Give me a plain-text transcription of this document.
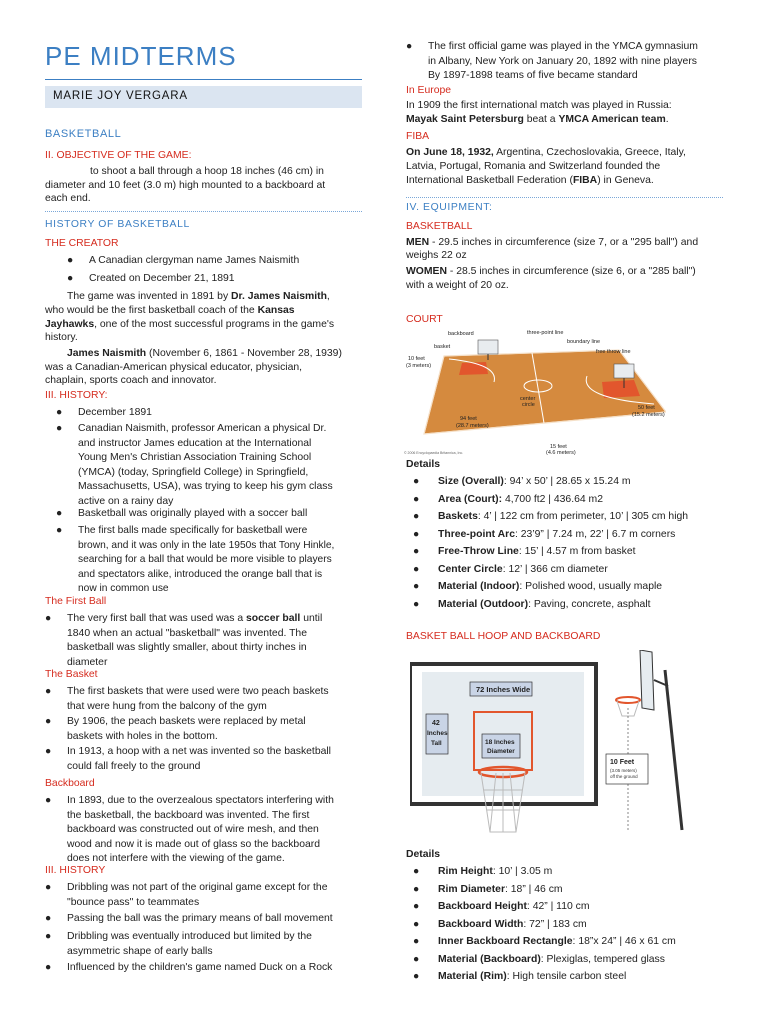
PE MIDTERMS
MARIE JOY VERGARA
BASKETBALL
II. OBJECTIVE OF THE GAME:
to shoot a ball through a hoop 18 inches (46 cm) in
diameter and 10 feet (3.0 m) high mounted to a backboard at
each end.
HISTORY OF BASKETBALL
THE CREATOR
●	A Canadian clergyman name James Naismith
●	Created on December 21, 1891
The game was invented in 1891 by Dr. James Naismith,
who would be the first basketball coach of the Kansas
Jayhawks, one of the most successful programs in the game's
history.
James Naismith (November 6, 1861 - November 28, 1939)
was a Canadian-American physical educator, physician,
chaplain, sports coach and innovator.
III. HISTORY:
●	December 1891
●	Canadian Naismith, professor American a physical Dr.
and instructor James education at the International
Young Men's Christian Association Training School
(YMCA) (today, Springfield College) in Springfield,
Massachusetts, USA), was trying to keep his gym class
active on a rainy day
●	Basketball was originally played with a soccer ball
●	The first balls made specifically for basketball were
brown, and it was only in the late 1950s that Tony Hinkle,
searching for a ball that would be more visible to players
and spectators alike, introduced the orange ball that is
now in common use
The First Ball
●	The very first ball that was used was a soccer ball until
1840 when an actual "basketball" was invented. The
basketball was slightly smaller, about thirty inches in
diameter
The Basket
●	The first baskets that were used were two peach baskets
that were hung from the balcony of the gym
●	By 1906, the peach baskets were replaced by metal
baskets with holes in the bottom.
●	In 1913, a hoop with a net was invented so the basketball
could fall freely to the ground
Backboard
●	In 1893, due to the overzealous spectators interfering with
the basketball, the backboard was invented. The first
backboard was constructed out of wire mesh, and then
wood and now it is made out of glass so the backboard
does not interfere with the viewing of the game.
III. HISTORY
●	Dribbling was not part of the original game except for the
"bounce pass" to teammates
●	Passing the ball was the primary means of ball movement
●	Dribbling was eventually introduced but limited by the
asymmetric shape of early balls
●	Influenced by the children's game named Duck on a Rock
●	The first official game was played in the YMCA gymnasium
in Albany, New York on January 20, 1892 with nine players
By 1897-1898 teams of five became standard
In Europe
In 1909 the first international match was played in Russia:
Mayak Saint Petersburg beat a YMCA American team.
FIBA
On June 18, 1932, Argentina, Czechoslovakia, Greece, Italy,
Latvia, Portugal, Romania and Switzerland founded the
International Basketball Federation (FIBA) in Geneva.
IV. EQUIPMENT:
BASKETBALL
MEN - 29.5 inches in circumference (size 7, or a "295 ball") and
weighs 22 oz
WOMEN - 28.5 inches in circumference (size 6, or a "285 ball")
with a weight of 20 oz.
COURT
backboard
basket
three-point line
boundary line
free throw line
10 feet
(3 meters)
center
circle	50 feet
(15.2 meters)
94 feet
(28.7 meters)
15 feet
(4.6 meters)
© 2006 Encyclopaedia Britannica, Inc.
Details
● Size (Overall): 94’ x 50’ | 28.65 x 15.24 m
● Area (Court): 4,700 ft2 | 436.64 m2
● Baskets: 4’ | 122 cm from perimeter, 10’ | 305 cm high
● Three-point Arc: 23’9” | 7.24 m, 22’ | 6.7 m corners
● Free-Throw Line: 15’ | 4.57 m from basket
● Center Circle: 12’ | 366 cm diameter
● Material (Indoor): Polished wood, usually maple
● Material (Outdoor): Paving, concrete, asphalt
BASKET BALL HOOP AND BACKBOARD
72 Inches Wide
42
Inches
Tall	18 Inches
Diameter
10 Feet
(3.05 meters)
off the ground
Details
● Rim Height: 10’ | 3.05 m
● Rim Diameter: 18” | 46 cm
● Backboard Height: 42” | 110 cm
● Backboard Width: 72” | 183 cm
● Inner Backboard Rectangle: 18”x 24” | 46 x 61 cm
● Material (Backboard): Plexiglas, tempered glass
● Material (Rim): High tensile carbon steel
